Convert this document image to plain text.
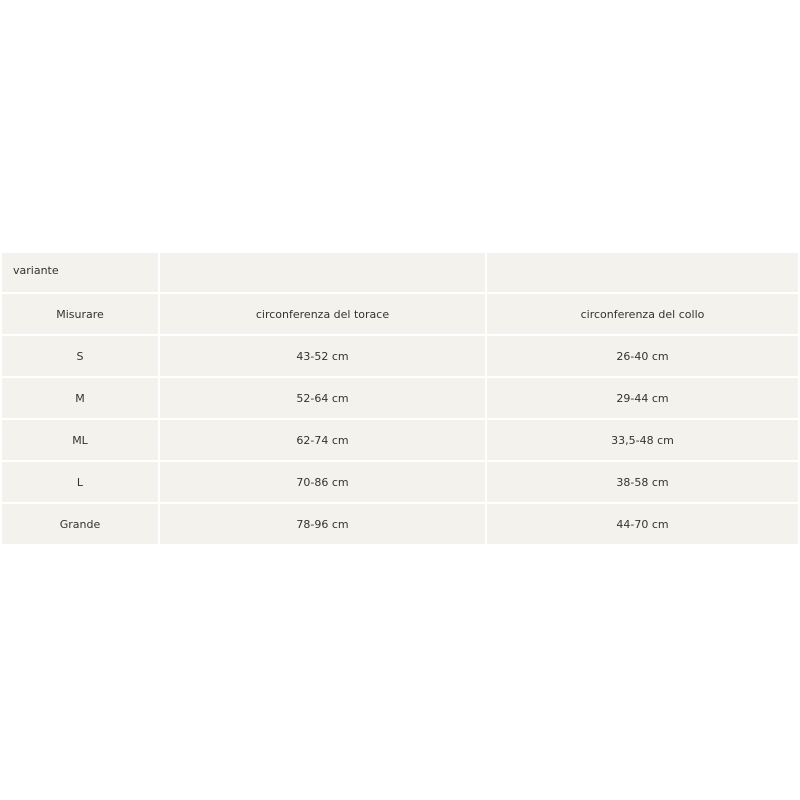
variante		
Misurare	circonferenza del torace	circonferenza del collo
S	43-52 cm	26-40 cm
M	52-64 cm	29-44 cm
ML	62-74 cm	33,5-48 cm
L	70-86 cm	38-58 cm
Grande	78-96 cm	44-70 cm
